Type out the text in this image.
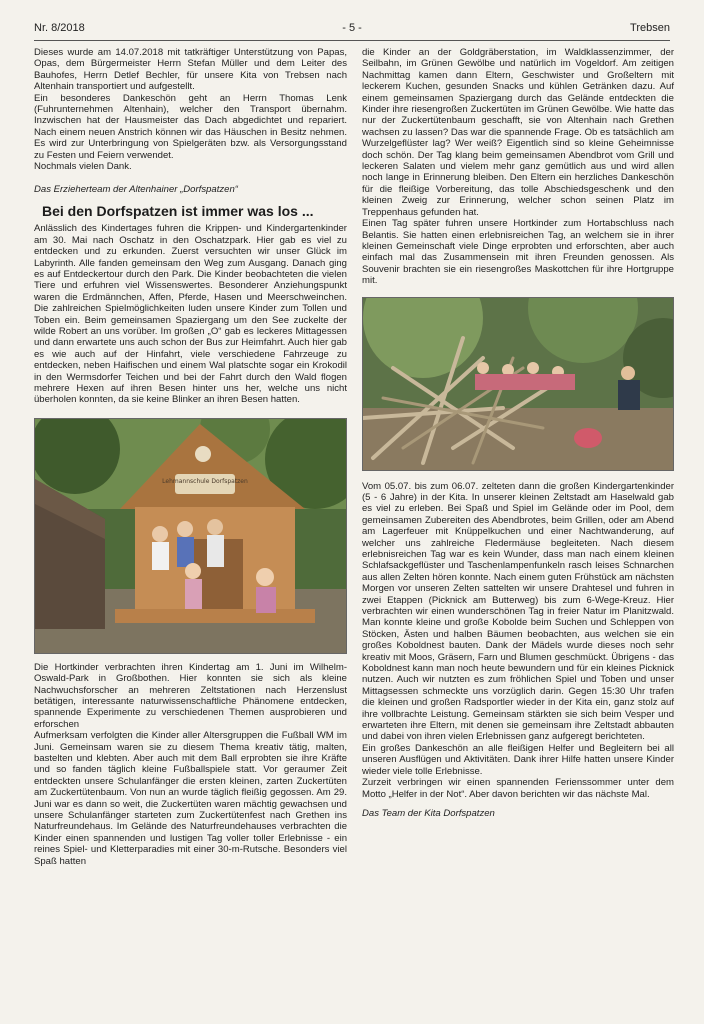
Nr. 8/2018	- 5 -	Trebsen

Dieses wurde am 14.07.2018 mit tatkräftiger Unterstützung von Papas, Opas, dem Bürgermeister Herrn Stefan Müller und dem Leiter des Bauhofes, Herrn Detlef Bechler, für unsere Kita von Trebsen nach Altenhain transportiert und aufgestellt.

Ein besonderes Dankeschön geht an Herrn Thomas Lenk (Fuhrunternehmen Altenhain), welcher den Transport übernahm. Inzwischen hat der Hausmeister das Dach abgedichtet und repariert. Nach einem neuen Anstrich können wir das Häuschen in Besitz nehmen. Es wird zur Unterbringung von Spielgeräten bzw. als Versorgungsstand zu Festen und Feiern verwendet.

Nochmals vielen Dank.

Das Erzieherteam der Altenhainer „Dorfspatzen“

Bei den Dorfspatzen ist immer was los ...

Anlässlich des Kindertages fuhren die Krippen- und Kindergartenkinder am 30. Mai nach Oschatz in den Oschatzpark. Hier gab es viel zu entdecken und zu erkunden. Zuerst versuchten wir unser Glück im Labyrinth. Alle fanden gemeinsam den Weg zum Ausgang. Danach ging es auf Entdeckertour durch den Park. Die Kinder beobachteten die vielen Tiere und erfuhren viel Wissenswertes. Besonderer Anziehungspunkt waren die Erdmännchen, Affen, Pferde, Hasen und Meerschweinchen. Die zahlreichen Spielmöglichkeiten luden unsere Kinder zum Tollen und Toben ein. Beim gemeinsamen Spaziergang um den See zuckelte der wilde Robert an uns vorüber. Im großen „O“ gab es leckeres Mittagessen und dann erwartete uns auch schon der Bus zur Heimfahrt. Auch hier gab es wie auch auf der Hinfahrt, viele verschiedene Fahrzeuge zu entdecken, neben Haifischen und einem Wal platschte sogar ein Krokodil in den Wermsdorfer Teichen und bei der Fahrt durch den Wald flogen mehrere Hexen auf ihren Besen hinter uns her, welche uns nicht überholen konnten, da sie keine Blinker an ihren Besen hatten.

Lehmannschule Dorfspatzen

Die Hortkinder verbrachten ihren Kindertag am 1. Juni im Wilhelm-Oswald-Park in Großbothen. Hier konnten sie sich als kleine Nachwuchsforscher an mehreren Zeltstationen nach Herzenslust betätigen, interessante naturwissenschaftliche Phänomene entdecken, spannende Experimente zu verschiedenen Themen ausprobieren und erforschen

Aufmerksam verfolgten die Kinder aller Altersgruppen die Fußball WM im Juni. Gemeinsam waren sie zu diesem Thema kreativ tätig, malten, bastelten und klebten. Aber auch mit dem Ball erprobten sie ihre Kräfte und so fanden täglich kleine Fußballspiele statt. Vor geraumer Zeit entdeckten unsere Schulanfänger die ersten kleinen, zarten Zuckertüten am Zuckertütenbaum. Von nun an wurde täglich fleißig gegossen. Am 29. Juni war es dann so weit, die Zuckertüten waren mächtig gewachsen und unsere Schulanfänger starteten zum Zuckertütenfest nach Grethen ins Naturfreundehaus. Im Gelände des Naturfreundehauses verbrachten die Kinder einen spannenden und lustigen Tag voller toller Erlebnisse - ein reines Spiel- und Kletterparadies mit einer 30-m-Rutsche. Besonders viel Spaß hatten

die Kinder an der Goldgräberstation, im Waldklassenzimmer, der Seilbahn, im Grünen Gewölbe und natürlich im Vogeldorf. Am zeitigen Nachmittag kamen dann Eltern, Geschwister und Großeltern mit leckerem Kuchen, gesunden Snacks und kühlen Getränken dazu. Auf einem gemeinsamen Spaziergang durch das Gelände entdeckten die Kinder ihre riesengroßen Zuckertüten im Grünen Gewölbe. Wie hatte das nur der Zuckertütenbaum geschafft, sie von Altenhain nach Grethen wachsen zu lassen? Das war die spannende Frage. Ob es tatsächlich am Wurzelgeflüster lag? Wer weiß? Eigentlich sind so kleine Geheimnisse doch schön. Der Tag klang beim gemeinsamen Abendbrot vom Grill und leckeren Salaten und vielem mehr ganz gemütlich aus und wird allen noch lange in Erinnerung bleiben. Den Eltern ein herzliches Dankeschön für die fleißige Vorbereitung, das tolle Abschiedsgeschenk und den kleinen Zweig zur Erinnerung, welcher schon seinen Platz im Treppenhaus gefunden hat.

Einen Tag später fuhren unsere Hortkinder zum Hortabschluss nach Belantis. Sie hatten einen erlebnisreichen Tag, an welchem sie in ihrer kleinen Gemeinschaft viele Dinge erprobten und erforschten, aber auch einfach mal das Zusammensein mit ihren Freunden genossen. Als Souvenir brachten sie ein riesengroßes Maskottchen für ihre Hortgruppe mit.

Vom 05.07. bis zum 06.07. zelteten dann die großen Kindergartenkinder (5 - 6 Jahre) in der Kita. In unserer kleinen Zeltstadt am Haselwald gab es viel zu erleben. Bei Spaß und Spiel im Gelände oder im Pool, dem gemeinsamen Zubereiten des Abendbrotes, beim Grillen, oder am Abend am Lagerfeuer mit Knüppelkuchen und einer Nachtwanderung, auf welcher uns zahlreiche Fledermäuse begleiteten. Nach diesem erlebnisreichen Tag war es kein Wunder, dass man nach einem kleinen Schlafsackgeflüster und Taschenlampenfunkeln rasch leises Schnarchen aus allen Zelten hören konnte. Nach einem guten Frühstück am nächsten Morgen vor unseren Zelten sattelten wir unsere Drahtesel und fuhren in zwei Etappen (Picknick am Butterweg) bis zum 6-Wege-Kreuz. Hier verbrachten wir einen wunderschönen Tag in freier Natur im Planitzwald. Man konnte kleine und große Kobolde beim Suchen und Schleppen von Stöcken, Ästen und halben Bäumen beobachten, aus welchen sie ein großes Koboldnest bauten. Dank der Mädels wurde dieses noch sehr kreativ mit Moos, Gräsern, Farn und Blumen geschmückt. Übrigens - das Koboldnest kann man noch heute bewundern und für ein kleines Picknick nutzen. Auch wir nutzten es zum fröhlichen Spiel und Toben und unser Mittagsessen schmeckte uns vorzüglich darin. Gegen 15:30 Uhr trafen die kleinen und großen Radsportler wieder in der Kita ein, ganz stolz auf ihre vollbrachte Leistung. Gemeinsam stärkten sie sich beim Vesper und erwarteten ihre Eltern, mit denen sie gemeinsam ihre Zeltstadt abbauten und dabei von ihren vielen Erlebnissen ganz aufgeregt berichteten.

Ein großes Dankeschön an alle fleißigen Helfer und Begleitern bei all unseren Ausflügen und Aktivitäten. Dank ihrer Hilfe hatten unsere Kinder wieder viele tolle Erlebnisse.

Zurzeit verbringen wir einen spannenden Ferienssommer unter dem Motto „Helfer in der Not“. Aber davon berichten wir das nächste Mal.

Das Team der Kita Dorfspatzen
